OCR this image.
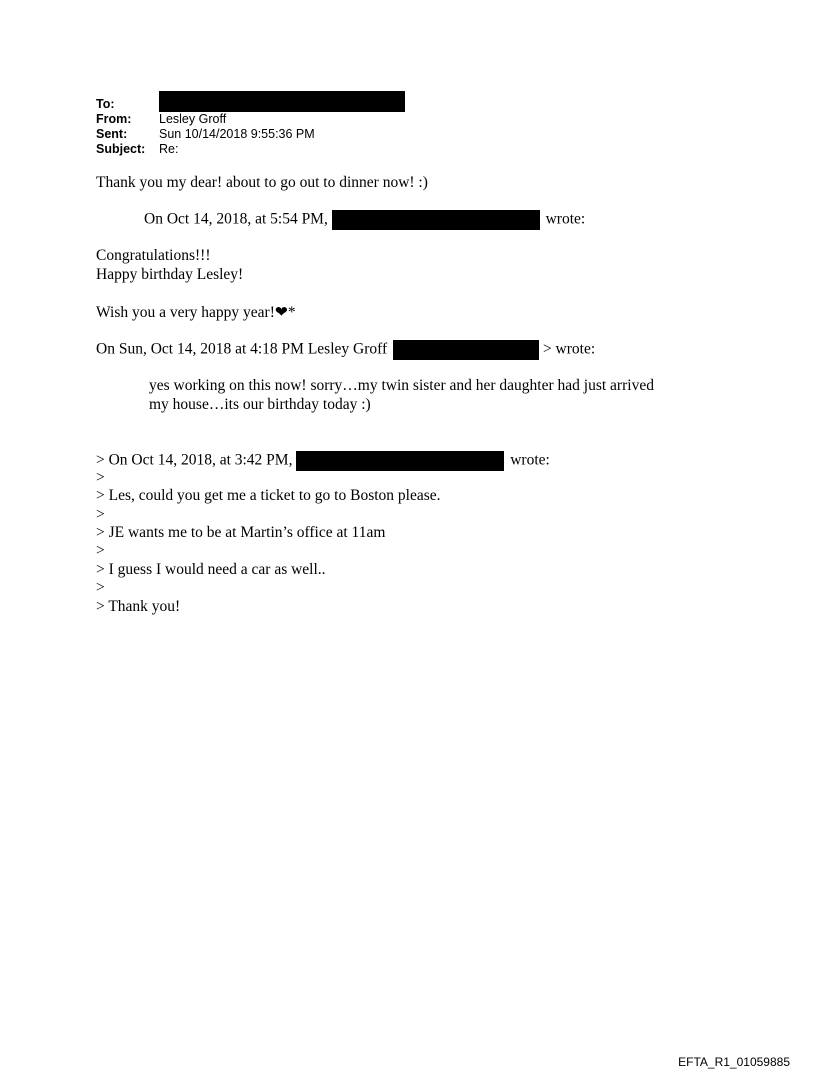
To:
From:	Lesley Groff
Sent:	Sun 10/14/2018 9:55:36 PM
Subject:	Re:
Thank you my dear! about to go out to dinner now! :)
On Oct 14, 2018, at 5:54 PM,	wrote:
Congratulations!!!
Happy birthday Lesley!
Wish you a very happy year!❤*
On Sun, Oct 14, 2018 at 4:18 PM Lesley Groff	> wrote:
yes working on this now! sorry…my twin sister and her daughter had just arrived
my house…its our birthday today :)
> On Oct 14, 2018, at 3:42 PM,	wrote:
>
> Les, could you get me a ticket to go to Boston please.
>
> JE wants me to be at Martin’s office at 11am
>
> I guess I would need a car as well..
>
> Thank you!
EFTA_R1_01059885
